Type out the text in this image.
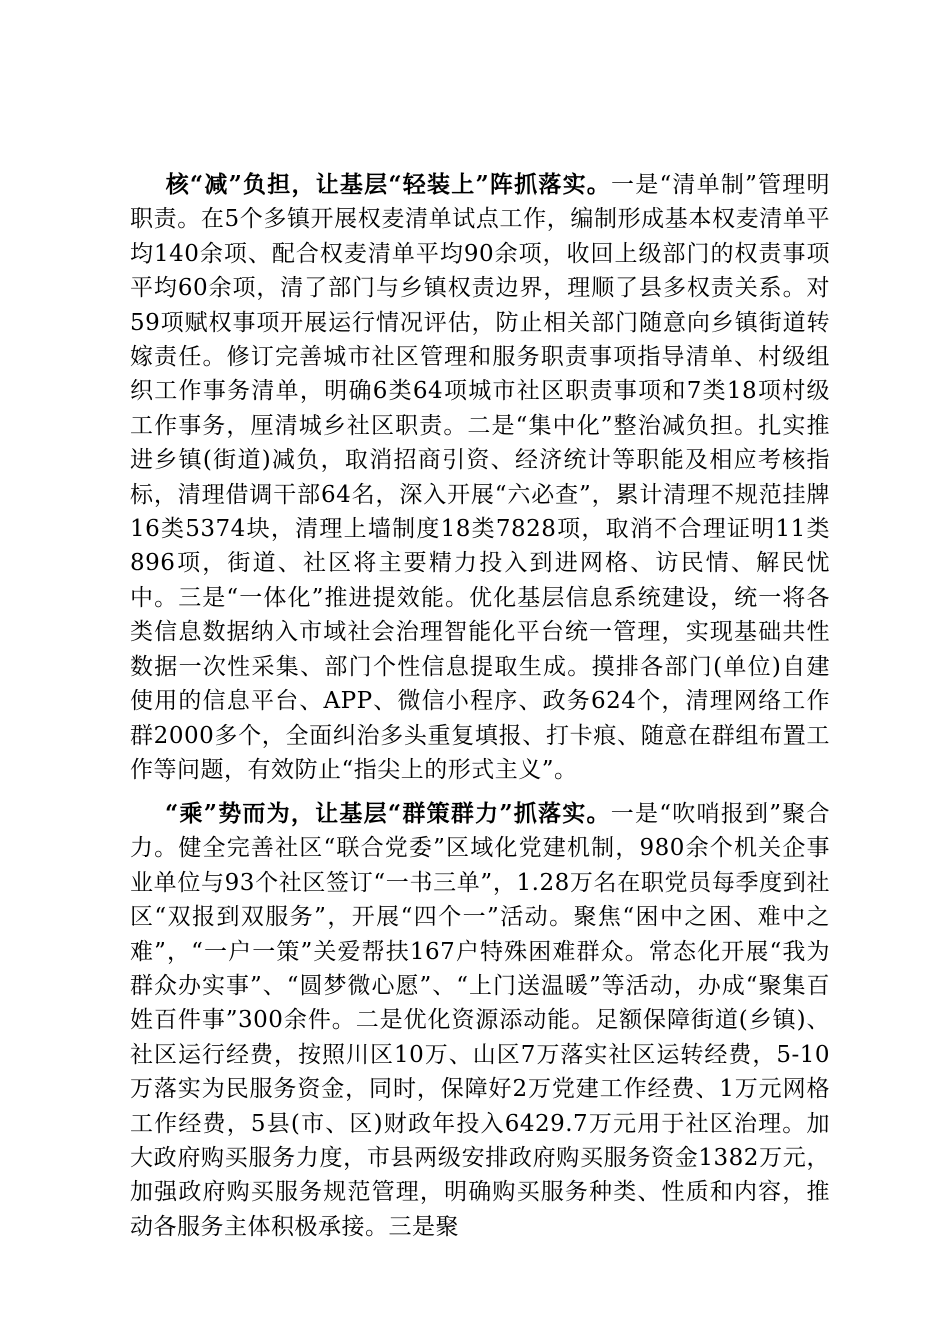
核“减”负担，让基层“轻装上”阵抓落实。一是“清单制”管理明职责。在5个多镇开展权麦清单试点工作，编制形成基本权麦清单平均140余项、配合权麦清单平均90余项，收回上级部门的权责事项平均60余项，清了部门与乡镇权责边界，理顺了县多权责关系。对59项赋权事项开展运行情况评估，防止相关部门随意向乡镇街道转嫁责任。修订完善城市社区管理和服务职责事项指导清单、村级组织工作事务清单，明确6类64项城市社区职责事项和7类18项村级工作事务，厘清城乡社区职责。二是“集中化”整治减负担。扎实推进乡镇(街道)减负，取消招商引资、经济统计等职能及相应考核指标，清理借调干部64名，深入开展“六必查”，累计清理不规范挂牌16类5374块，清理上墙制度18类7828项，取消不合理证明11类896项，街道、社区将主要精力投入到进网格、访民情、解民忧中。三是“一体化”推进提效能。优化基层信息系统建设，统一将各类信息数据纳入市域社会治理智能化平台统一管理，实现基础共性数据一次性采集、部门个性信息提取生成。摸排各部门(单位)自建使用的信息平台、APP、微信小程序、政务624个，清理网络工作群2000多个，全面纠治多头重复填报、打卡痕、随意在群组布置工作等问题，有效防止“指尖上的形式主义”。

“乘”势而为，让基层“群策群力”抓落实。一是“吹哨报到”聚合力。健全完善社区“联合党委”区域化党建机制，980余个机关企事业单位与93个社区签订“一书三单”，1.28万名在职党员每季度到社区“双报到双服务”，开展“四个一”活动。聚焦“困中之困、难中之难”，“一户一策”关爱帮扶167户特殊困难群众。常态化开展“我为群众办实事”、“圆梦微心愿”、“上门送温暖”等活动，办成“聚集百姓百件事”300余件。二是优化资源添动能。足额保障街道(乡镇)、社区运行经费，按照川区10万、山区7万落实社区运转经费，5-10万落实为民服务资金，同时，保障好2万党建工作经费、1万元网格工作经费，5县(市、区)财政年投入6429.7万元用于社区治理。加大政府购买服务力度，市县两级安排政府购买服务资金1382万元，加强政府购买服务规范管理，明确购买服务种类、性质和内容，推动各服务主体积极承接。三是聚
